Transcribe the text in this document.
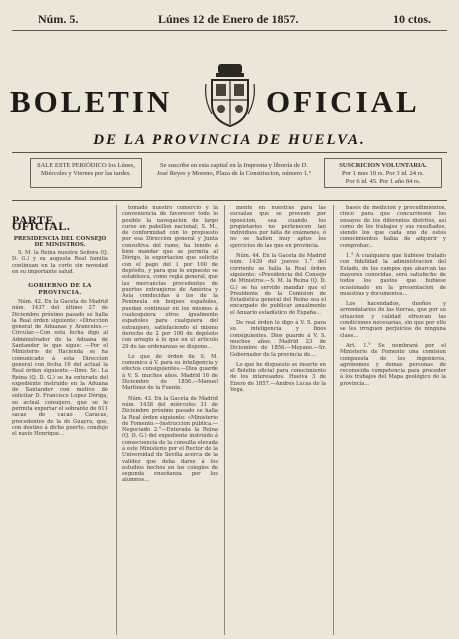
Núm. 5.	Lúnes 12 de Enero de 1857.	10 ctos.
BOLETIN	OFICIAL
DE LA PROVINCIA DE HUELVA.
SALE ESTE PERIÓDICO los Lúnes, Miércoles y Viernes por las tardes.
Se suscribe en esta capital en la Imprenta y librería de D. José Reyes y Moreno, Plaza de la Constitucion, número 1.°
SUSCRICION VOLUNTARIA.
Por 1 mes 10 rs. Por 3 id. 24 rs.
Por 6 id. 45. Por 1 año 84 rs.
PARTE OFICIAL.
PRESIDENCIA DEL CONSEJO DE MINISTROS.

S. M. la Reina nuestra Señora (Q. D. G.) y su augusta Real familia continuan en la corte sin novedad en su importante salud.

GOBIERNO DE LA PROVINCIA.

Núm. 42. En la Gaceta de Madrid núm. 1437 del último 27 de Diciembre próximo pasado se halla la Real órden siguiente: «Direccion general de Aduanas y Aranceles.—Circular.—Con esta fecha digo al Administrador de la Aduana de Santander lo que sigue: —Por el Ministerio de Hacienda se ha comunicado á esta Direccion general con fecha 16 del actual la Real órden siguiente.—Ilmo. Sr.: La Reina (Q. D. G.) se ha enterado del expediente instruido en la Aduana de Santander con motivo de solicitar D. Francisco Lopez Dóriga, su actual consejero, que se le permita exportar el sobrante de 611 sacas de cacao Caracas, procedentes de la de Guayra, que, con destino á dicho puerto, condujo el navío Henrique...

tomado nuestro comercio y la conveniencia de favorecer todo lo posible la navegacion de largo curso en pabellon nacional; S. M., de conformidad con lo propuesto por esa Direccion general y Junta consultiva del ramo, ha tenido á bien mandar que se permita al Dórigo, la exportacion que solicita con el pago del 1 por 100 de depósito, y para que lo expuesto se establezca, como regla general, que las mercancías procedentes de puertos extranjeros de América y Asia conducidas á los de la Península en buques españoles, puedan continuar en los mismos á cualesquiera otros igualmente españoles para cualquiera del extranjero, satisfaciendo el mismo derecho de 2 por 100 de depósito con arreglo á lo que en el articulo 29 de las ordenanzas se dispone...

Lo que de órden de S. M. comunico á V. para su inteligencia y efectos consiguientes.—Dios guarde á V. S. muchos años. Madrid 16 de Diciembre de 1856.—Manuel Martinez de la Fuente.

Núm. 43. En la Gaceta de Madrid núm. 1438 del miércoles 31 de Diciembre próximo pasado se halla la Real órden siguiente: «Ministerio de Fomento.—Instruccion pública.—Negociado 2.°—Enterada la Reina (Q. D. G.) del expediente instruido á consecuencia de la consulta elevada á este Ministerio por el Rector de la Universidad de Sevilla acerca de la validez que deba darse á los estudios hechos en los colegios de segunda enseñanza por los alumnos...

mente en nuestras para las escuelas que se proveen por oposicion, sea cuando los propietarios no pertenecen tan individuos por falta de exámenes, ó no se hallen muy aptos los ejercicios de las que en provincia.

Núm. 44. En la Gaceta de Madrid núm. 1439 del jueves 1.° del corriente se halla la Real órden siguiente: «Presidencia del Consejo de Ministros.—S. M. la Reina (Q. D. G.) se ha servido mandar que el Presidente de la Comision de Estadística general del Reino sea el encargado de publicar anualmente el Anuario estadístico de España...

De real órden lo digo á V. S. para su inteligencia y fines consiguientes. Dios guarde á V. S. muchos años. Madrid 23 de Diciembre de 1856.—Moyano.—Sr. Gobernador de la provincia de....

Lo que he dispuesto se inserte en el Boletin oficial para conocimiento de los interesados. Huelva 3 de Enero de 1857.—Andres Lucas de la Vega.

bases de medicion y procedimientos, cinco para que concurriesen los ensayos de los diferentes distritos, así como de los trabajos y sus resultados, siendo los que cada uno de estos conocimientos habia de adquirir y comprobar...

1.° A cualquiera que hubiese tratado con fidelidad la administracion del Estado, de los campos que abarcan las mayores conocidas, será satisfecho de todos los gastos que hubiese ocasionado en la presentacion de muestras y documentos...

Los hacendados, dueños y arrendatarios de las tierras, que por su situacion y calidad ofrezcan las condiciones necesarias, sin que por ello se les irroguen perjuicios de ninguna clase...

Art. 1.° Se nombrará por el Ministerio de Fomento una comision compuesta de los ingenieros, agrónomos y demas personas de reconocida competencia para proceder á los trabajos del Mapa geológico de la provincia...
